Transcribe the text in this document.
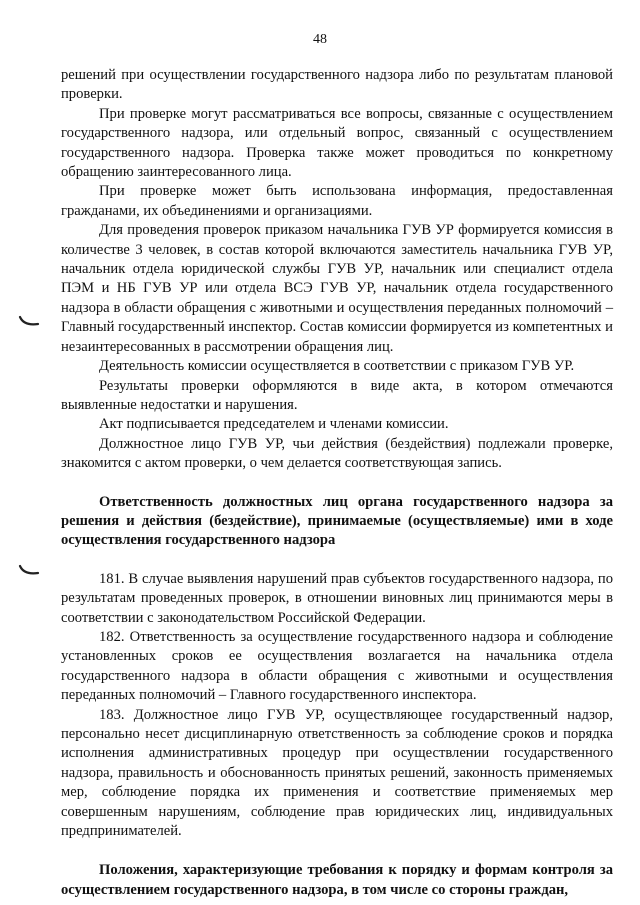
48

решений при осуществлении государственного надзора либо по результатам плановой проверки.

При проверке могут рассматриваться все вопросы, связанные с осуществлением государственного надзора, или отдельный вопрос, связанный с осуществлением государственного надзора. Проверка также может проводиться по конкретному обращению заинтересованного лица.

При проверке может быть использована информация, предоставленная гражданами, их объединениями и организациями.

Для проведения проверок приказом начальника ГУВ УР формируется комиссия в количестве 3 человек, в состав которой включаются заместитель начальника ГУВ УР, начальник отдела юридической службы ГУВ УР, начальник или специалист отдела ПЭМ и НБ ГУВ УР или отдела ВСЭ ГУВ УР, начальник отдела государственного надзора в области обращения с животными и осуществления переданных полномочий – Главный государственный инспектор. Состав комиссии формируется из компетентных и незаинтересованных в рассмотрении обращения лиц.

Деятельность комиссии осуществляется в соответствии с приказом ГУВ УР.

Результаты проверки оформляются в виде акта, в котором отмечаются выявленные недостатки и нарушения.

Акт подписывается председателем и членами комиссии.

Должностное лицо ГУВ УР, чьи действия (бездействия) подлежали проверке, знакомится с актом проверки, о чем делается соответствующая запись.

Ответственность должностных лиц органа государственного надзора за решения и действия (бездействие), принимаемые (осуществляемые) ими в ходе осуществления государственного надзора

181. В случае выявления нарушений прав субъектов государственного надзора, по результатам проведенных проверок, в отношении виновных лиц принимаются меры в соответствии с законодательством Российской Федерации.

182. Ответственность за осуществление государственного надзора и соблюдение установленных сроков ее осуществления возлагается на начальника отдела государственного надзора в области обращения с животными и осуществления переданных полномочий – Главного государственного инспектора.

183. Должностное лицо ГУВ УР, осуществляющее государственный надзор, персонально несет дисциплинарную ответственность за соблюдение сроков и порядка исполнения административных процедур при осуществлении государственного надзора, правильность и обоснованность принятых решений, законность применяемых мер, соблюдение порядка их применения и соответствие применяемых мер совершенным нарушениям, соблюдение прав юридических лиц, индивидуальных предпринимателей.

Положения, характеризующие требования к порядку и формам контроля за осуществлением государственного надзора, в том числе со стороны граждан,
